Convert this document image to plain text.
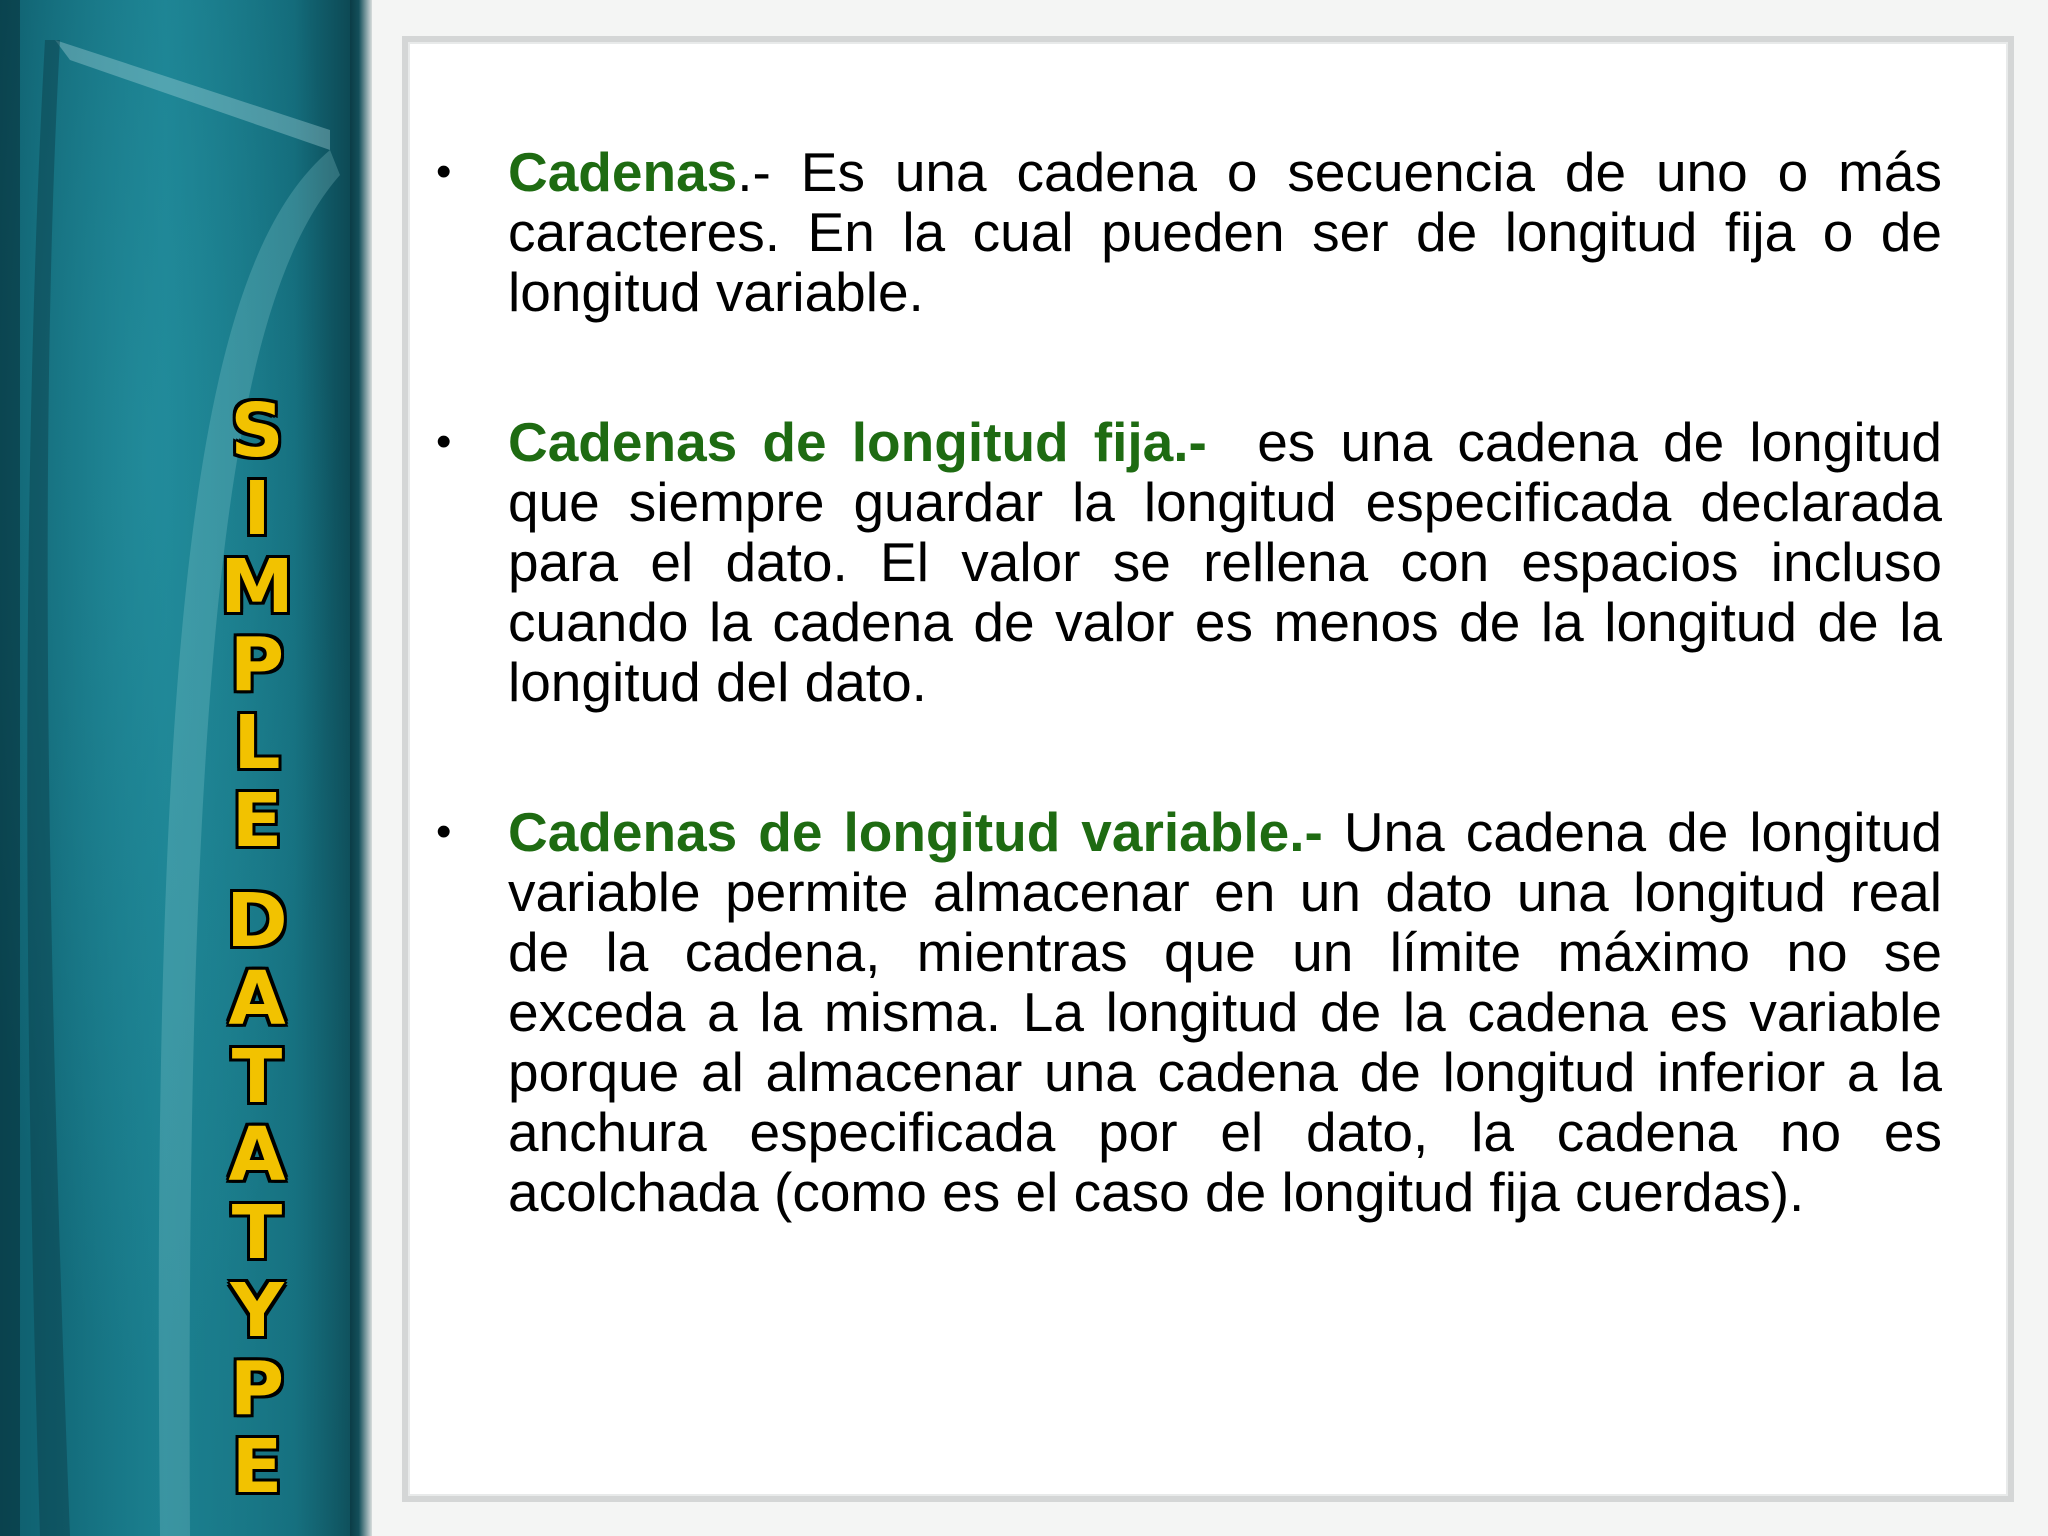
S
I
M
P
L
E
D
A
T
A
T
Y
P
E
• Cadenas.- Es una cadena o secuencia de uno o más caracteres. En la cual pueden ser de longitud fija o de longitud variable.
• Cadenas de longitud fija.- es una cadena de longitud que siempre guardar la longitud especificada declarada para el dato. El valor se rellena con espacios incluso cuando la cadena de valor es menos de la longitud de la longitud del dato.
• Cadenas de longitud variable.- Una cadena de longitud variable permite almacenar en un dato una longitud real de la cadena, mientras que un límite máximo no se exceda a la misma. La longitud de la cadena es variable porque al almacenar una cadena de longitud inferior a la anchura especificada por el dato, la cadena no es acolchada (como es el caso de longitud fija cuerdas).
